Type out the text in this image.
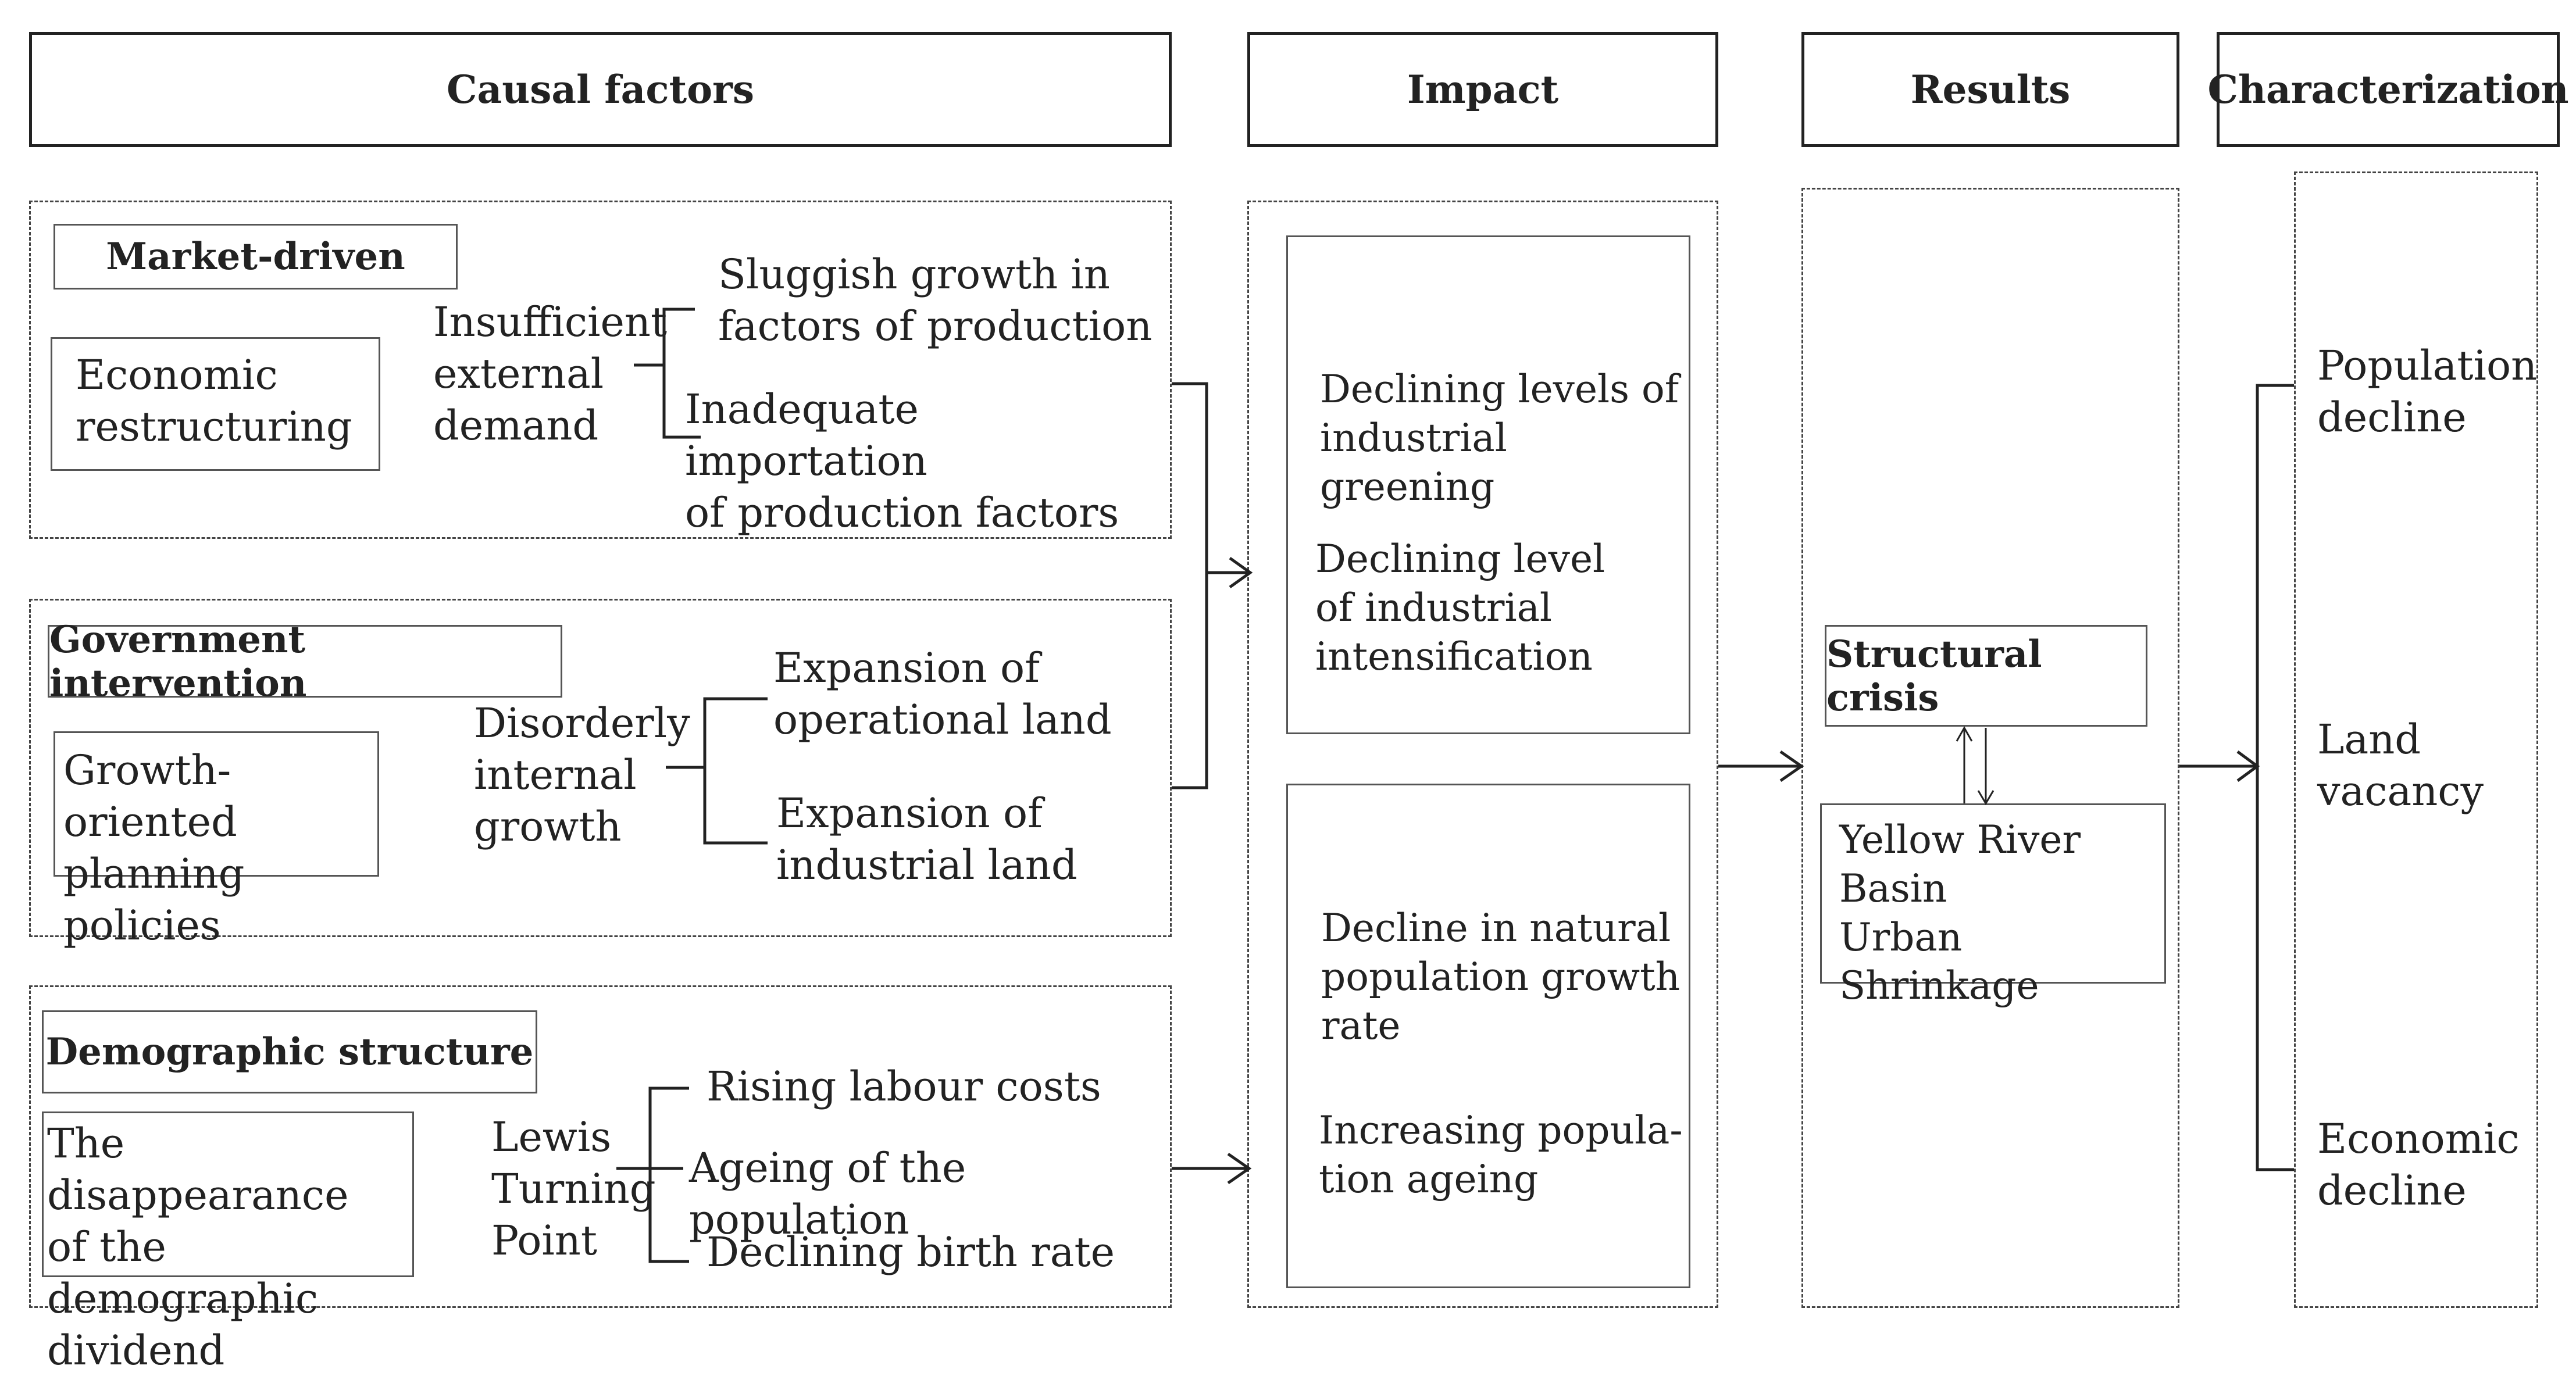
Causal factors	Impact	Results	Characterization
Market-driven
Economic
restructuring
Insufficient
external
demand
Sluggish growth in
factors of production
Inadequate importation
of production factors
Government intervention
Growth-oriented
planning policies
Disorderly
internal
growth
Expansion of
operational land
Expansion of
industrial land
Demographic structure
The disappearance
of the demographic
dividend
Lewis
Turning
Point
Rising labour costs
Ageing of the population
Declining birth rate
Declining levels of
industrial greening
Declining level
of industrial
intensification
Decline in natural
population growth
rate
Increasing popula-
tion ageing
Structural crisis
Yellow River
Basin
Urban Shrinkage
Population
decline
Land
vacancy
Economic
decline
